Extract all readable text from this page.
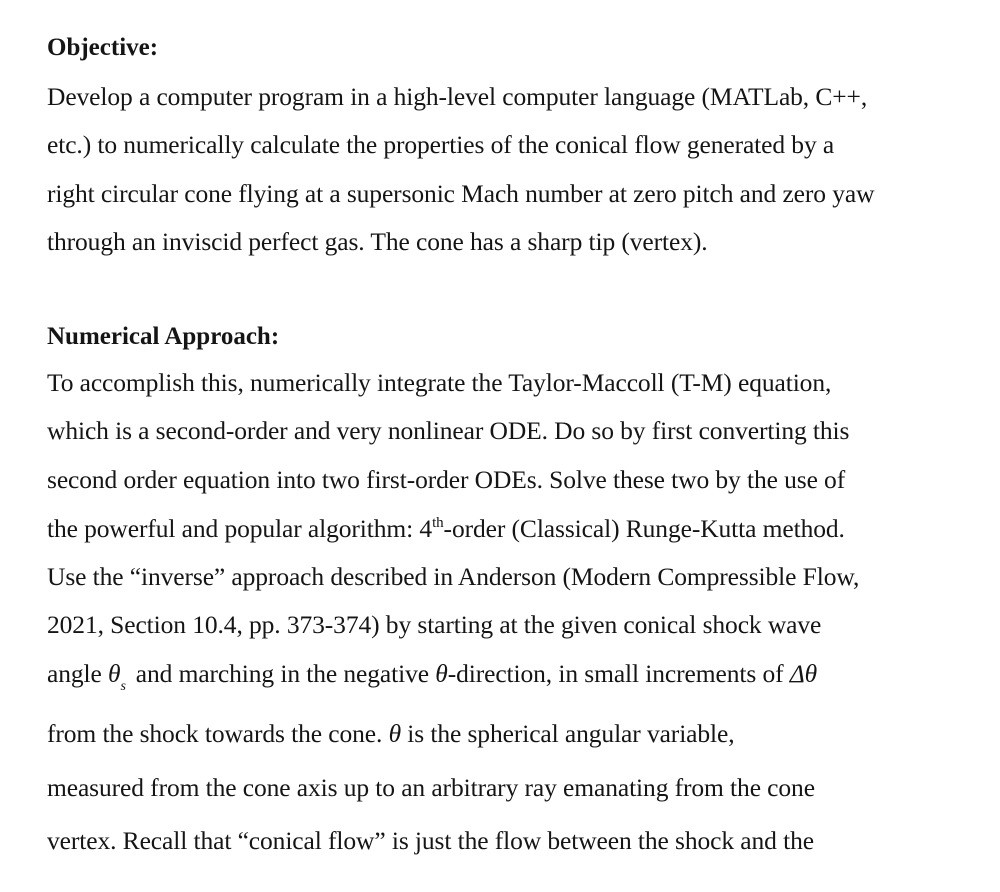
Objective:
Develop a computer program in a high-level computer language (MATLab, C++,
etc.) to numerically calculate the properties of the conical flow generated by a
right circular cone flying at a supersonic Mach number at zero pitch and zero yaw
through an inviscid perfect gas. The cone has a sharp tip (vertex).
Numerical Approach:
To accomplish this, numerically integrate the Taylor-Maccoll (T-M) equation,
which is a second-order and very nonlinear ODE. Do so by first converting this
second order equation into two first-order ODEs. Solve these two by the use of
the powerful and popular algorithm: 4th-order (Classical) Runge-Kutta method.
Use the “inverse” approach described in Anderson (Modern Compressible Flow,
2021, Section 10.4, pp. 373-374) by starting at the given conical shock wave
angle $\theta_s$ and marching in the negative θ-direction, in small increments of Δθ
from the shock towards the cone. θ is the spherical angular variable,
measured from the cone axis up to an arbitrary ray emanating from the cone
vertex. Recall that “conical flow” is just the flow between the shock and the
